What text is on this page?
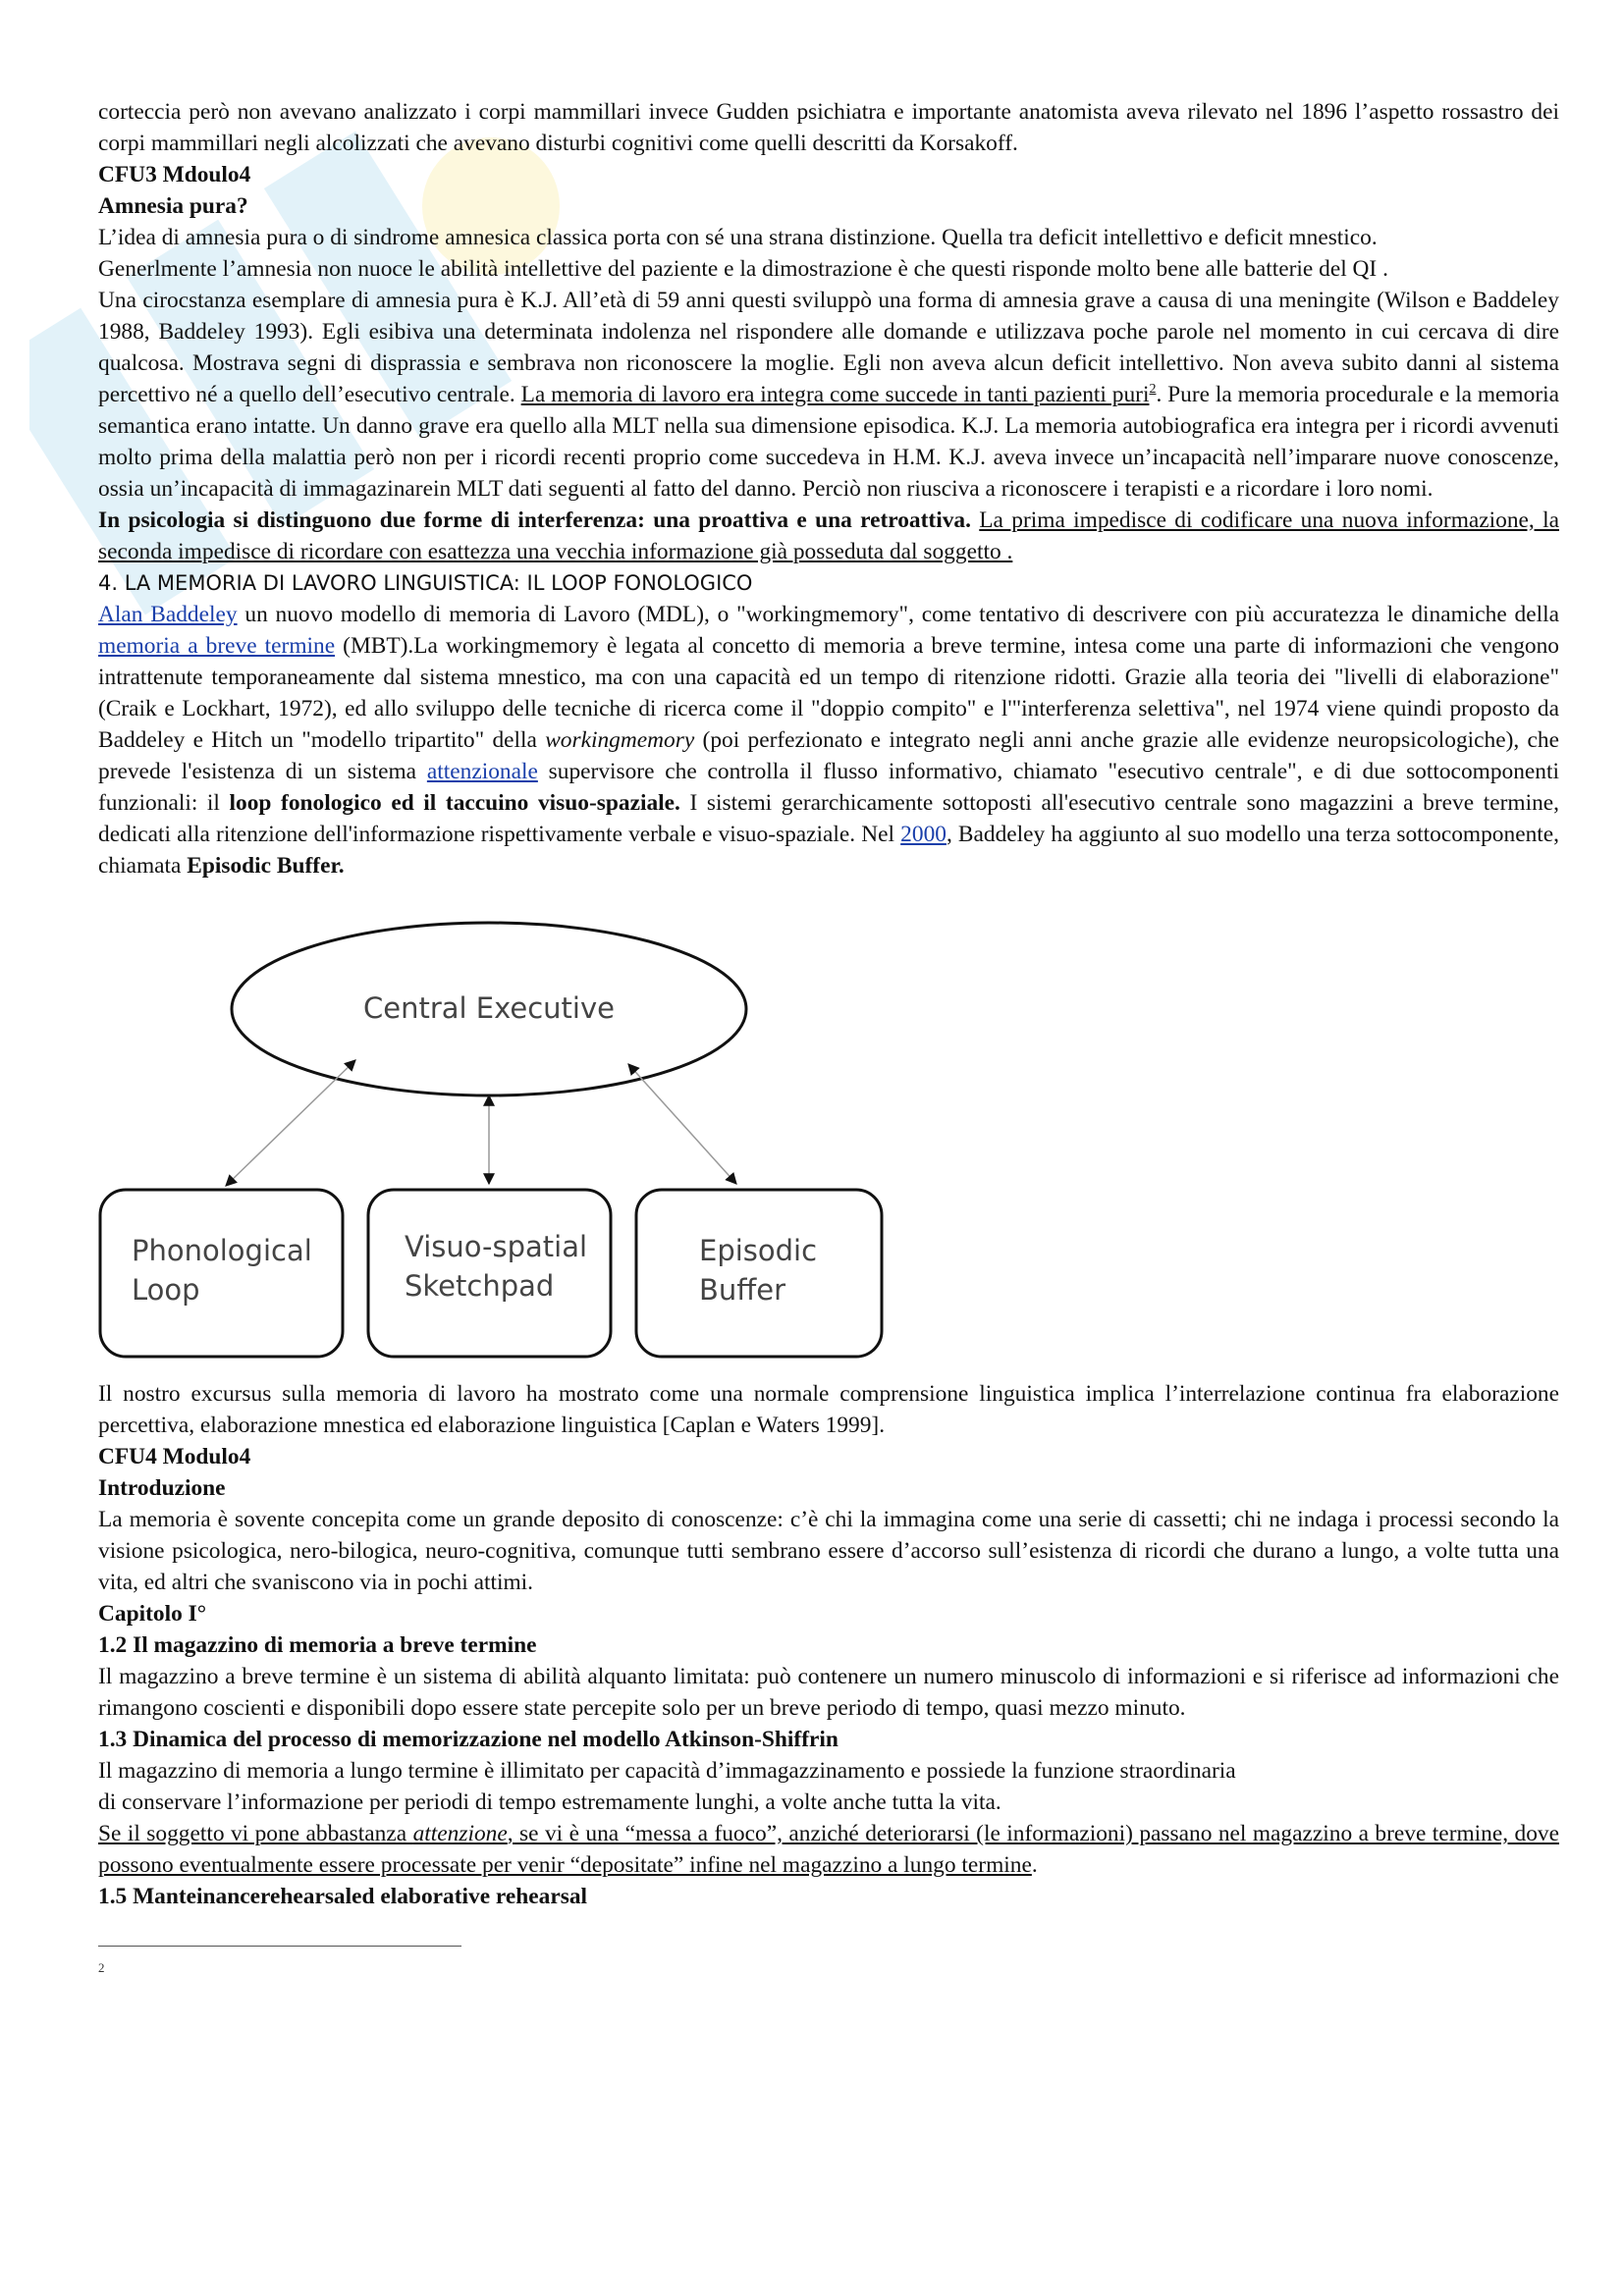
corteccia però non avevano analizzato i corpi mammillari invece Gudden psichiatra e importante anatomista aveva rilevato nel 1896 l’aspetto rossastro dei corpi mammillari negli alcolizzati che avevano disturbi cognitivi come quelli descritti da Korsakoff.

CFU3 Mdoulo4
Amnesia pura?

L’idea di amnesia pura o di sindrome amnesica classica porta con sé una strana distinzione. Quella tra deficit intellettivo e deficit mnestico.

Generlmente l’amnesia non nuoce le abilità intellettive del paziente e la dimostrazione è che questi risponde molto bene alle batterie del QI .

Una cirocstanza esemplare di amnesia pura è K.J. All’età di 59 anni questi sviluppò una forma di amnesia grave a causa di una meningite (Wilson e Baddeley 1988, Baddeley 1993). Egli esibiva una determinata indolenza nel rispondere alle domande e utilizzava poche parole nel momento in cui cercava di dire qualcosa. Mostrava segni di disprassia e sembrava non riconoscere la moglie. Egli non aveva alcun deficit intellettivo. Non aveva subito danni al sistema percettivo né a quello dell’esecutivo centrale. La memoria di lavoro era integra come succede in tanti pazienti puri$^2$. Pure la memoria procedurale e la memoria semantica erano intatte. Un danno grave era quello alla MLT nella sua dimensione episodica. K.J. La memoria autobiografica era integra per i ricordi avvenuti molto prima della malattia però non per i ricordi recenti proprio come succedeva in H.M. K.J. aveva invece un’incapacità nell’imparare nuove conoscenze, ossia un’incapacità di immagazinarein MLT dati seguenti al fatto del danno. Perciò non riusciva a riconoscere i terapisti e a ricordare i loro nomi.

In psicologia si distinguono due forme di interferenza: una proattiva e una retroattiva. La prima impedisce di codificare una nuova informazione, la seconda impedisce di ricordare con esattezza una vecchia informazione già posseduta dal soggetto .

4. LA MEMORIA DI LAVORO LINGUISTICA: IL LOOP FONOLOGICO

Alan Baddeley un nuovo modello di memoria di Lavoro (MDL), o "workingmemory", come tentativo di descrivere con più accuratezza le dinamiche della memoria a breve termine (MBT).La workingmemory è legata al concetto di memoria a breve termine, intesa come una parte di informazioni che vengono intrattenute temporaneamente dal sistema mnestico, ma con una capacità ed un tempo di ritenzione ridotti. Grazie alla teoria dei "livelli di elaborazione" (Craik e Lockhart, 1972), ed allo sviluppo delle tecniche di ricerca come il "doppio compito" e l'"interferenza selettiva", nel 1974 viene quindi proposto da Baddeley e Hitch un "modello tripartito" della workingmemory (poi perfezionato e integrato negli anni anche grazie alle evidenze neuropsicologiche), che prevede l'esistenza di un sistema attenzionale supervisore che controlla il flusso informativo, chiamato "esecutivo centrale", e di due sottocomponenti funzionali: il loop fonologico ed il taccuino visuo-spaziale. I sistemi gerarchicamente sottoposti all'esecutivo centrale sono magazzini a breve termine, dedicati alla ritenzione dell'informazione rispettivamente verbale e visuo-spaziale. Nel 2000, Baddeley ha aggiunto al suo modello una terza sottocomponente, chiamata Episodic Buffer.

Central Executive
Phonological Loop
Visuo-spatial Sketchpad
Episodic Buffer

Il nostro excursus sulla memoria di lavoro ha mostrato come una normale comprensione linguistica implica l’interrelazione continua fra elaborazione percettiva, elaborazione mnestica ed elaborazione linguistica [Caplan e Waters 1999].

CFU4 Modulo4
Introduzione

La memoria è sovente concepita come un grande deposito di conoscenze: c’è chi la immagina come una serie di cassetti; chi ne indaga i processi secondo la visione psicologica, nero-bilogica, neuro-cognitiva, comunque tutti sembrano essere d’accorso sull’esistenza di ricordi che durano a lungo, a volte tutta una vita, ed altri che svaniscono via in pochi attimi.

Capitolo I°
1.2 Il magazzino di memoria a breve termine

Il magazzino a breve termine è un sistema di abilità alquanto limitata: può contenere un numero minuscolo di informazioni e si riferisce ad informazioni che rimangono coscienti e disponibili dopo essere state percepite solo per un breve periodo di tempo, quasi mezzo minuto.

1.3 Dinamica del processo di memorizzazione nel modello Atkinson-Shiffrin
Il magazzino di memoria a lungo termine è illimitato per capacità d’immagazzinamento e possiede la funzione straordinaria
di conservare l’informazione per periodi di tempo estremamente lunghi, a volte anche tutta la vita.

Se il soggetto vi pone abbastanza attenzione, se vi è una “messa a fuoco”, anziché deteriorarsi (le informazioni) passano nel magazzino a breve termine, dove possono eventualmente essere processate per venir “depositate” infine nel magazzino a lungo termine.

1.5 Manteinancerehearsaled elaborative rehearsal
2
